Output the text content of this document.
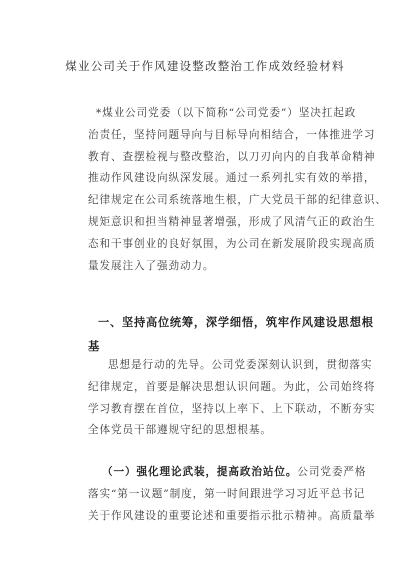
煤业公司关于作风建设整改整治工作成效经验材料
*煤业公司党委（以下简称“公司党委”）坚决扛起政
治责任，坚持问题导向与目标导向相结合，一体推进学习
教育、查摆检视与整改整治，以刀刃向内的自我革命精神
推动作风建设向纵深发展。通过一系列扎实有效的举措，
纪律规定在公司系统落地生根，广大党员干部的纪律意识、
规矩意识和担当精神显著增强，形成了风清气正的政治生
态和干事创业的良好氛围，为公司在新发展阶段实现高质
量发展注入了强劲动力。
一、坚持高位统筹，深学细悟，筑牢作风建设思想根
基
思想是行动的先导。公司党委深刻认识到，贯彻落实
纪律规定，首要是解决思想认识问题。为此，公司始终将
学习教育摆在首位，坚持以上率下、上下联动，不断夯实
全体党员干部遵规守纪的思想根基。
（一）强化理论武装，提高政治站位。公司党委严格
落实“第一议题”制度，第一时间跟进学习习近平总书记
关于作风建设的重要论述和重要指示批示精神。高质量举
